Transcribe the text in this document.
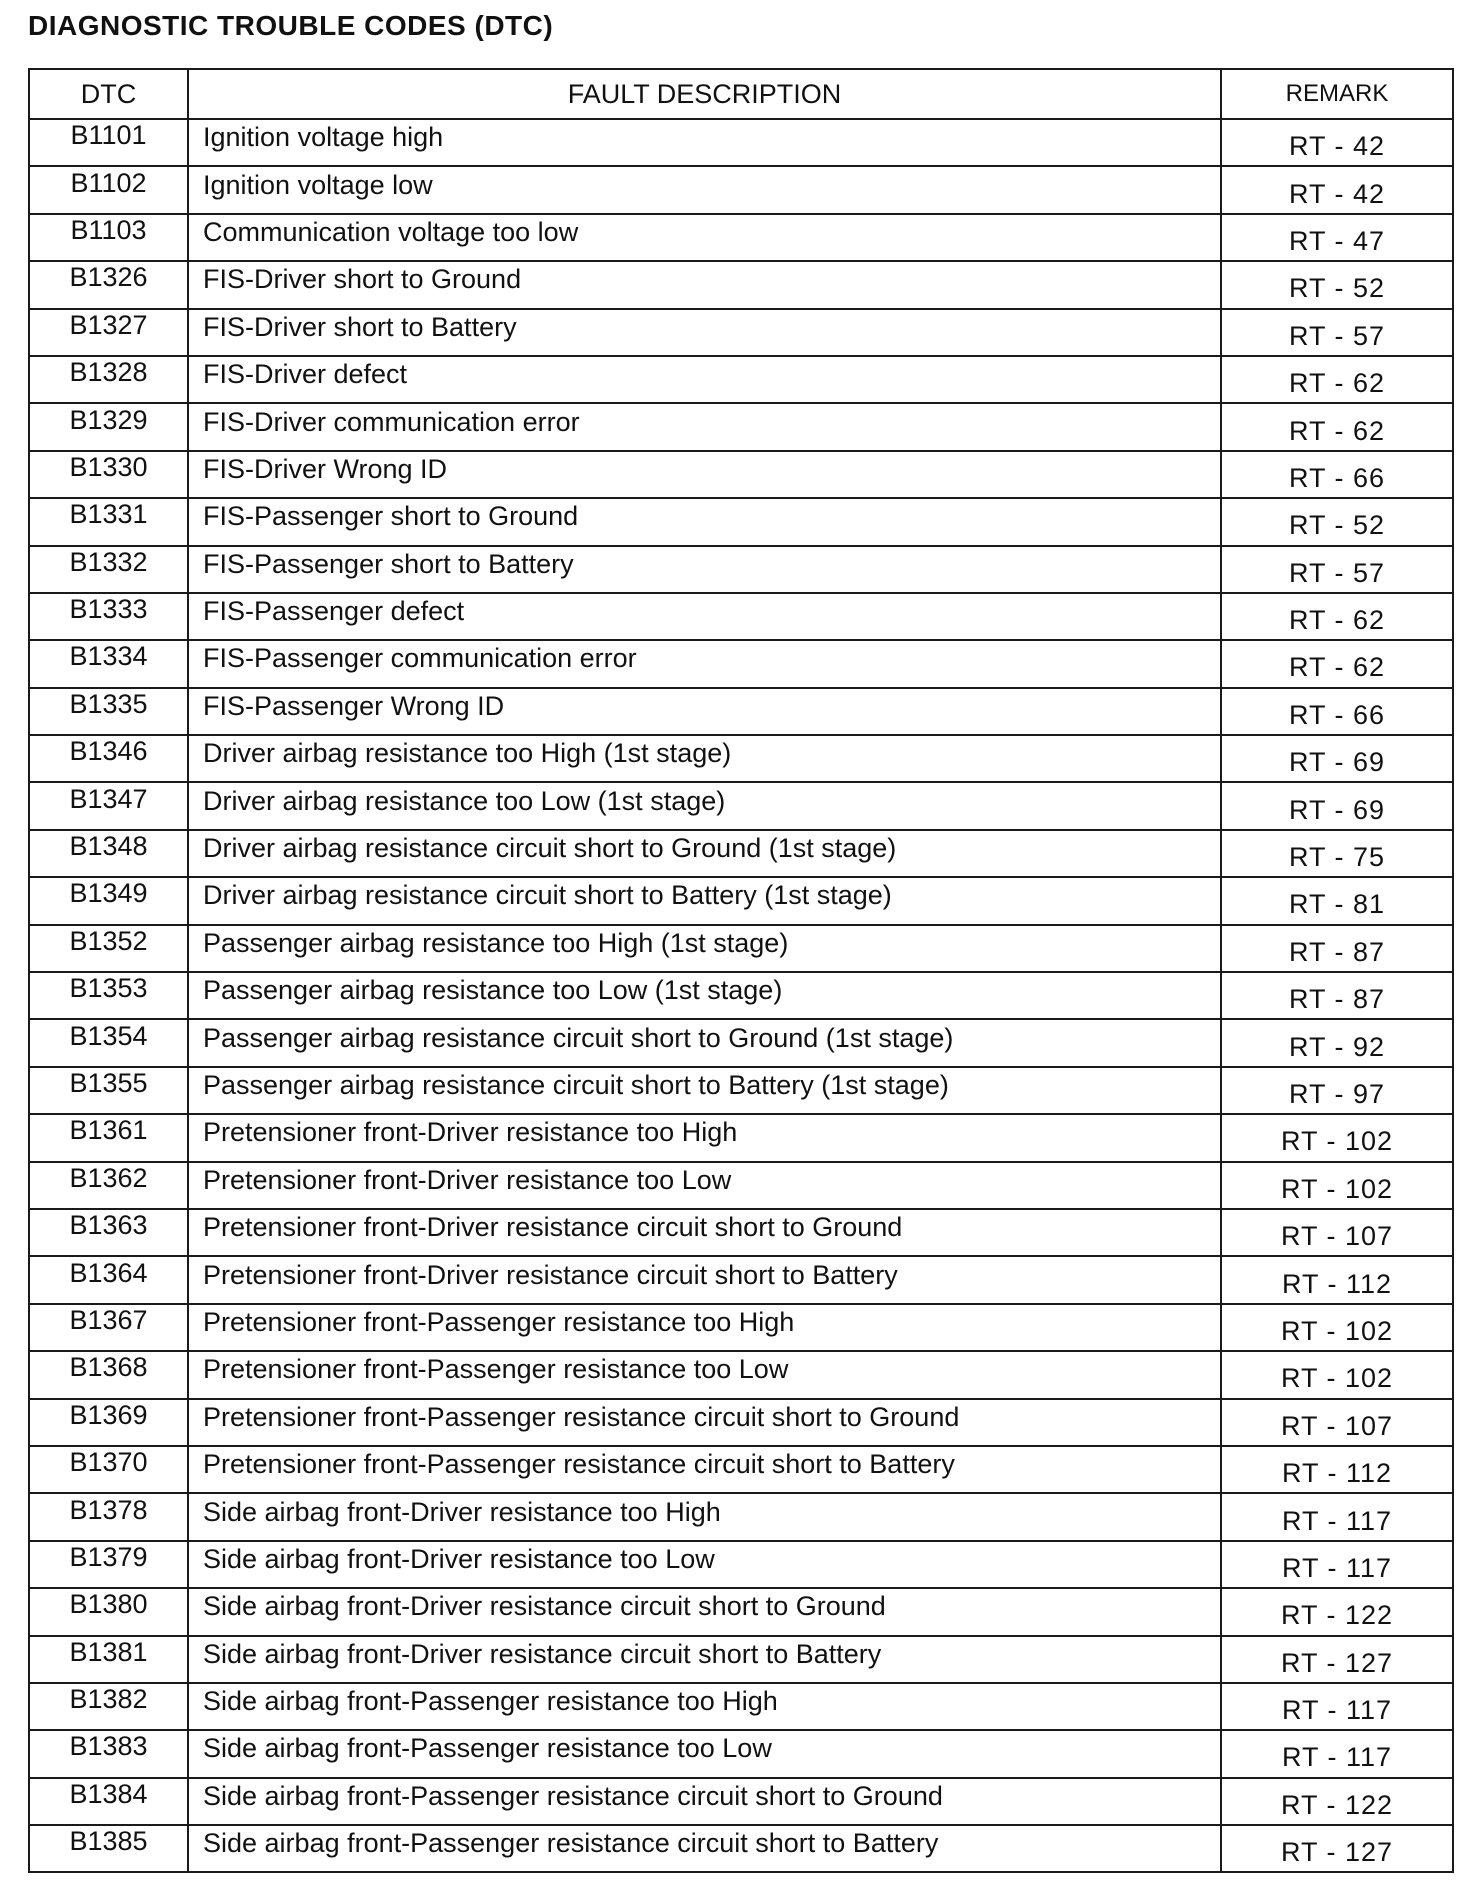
DIAGNOSTIC TROUBLE CODES (DTC)
DTC	FAULT DESCRIPTION	REMARK

B1101	Ignition voltage high	RT - 42

B1102	Ignition voltage low	RT - 42

B1103	Communication voltage too low	RT - 47

B1326	FIS-Driver short to Ground	RT - 52

B1327	FIS-Driver short to Battery	RT - 57

B1328	FIS-Driver defect	RT - 62

B1329	FIS-Driver communication error	RT - 62

B1330	FIS-Driver Wrong ID	RT - 66

B1331	FIS-Passenger short to Ground	RT - 52

B1332	FIS-Passenger short to Battery	RT - 57

B1333	FIS-Passenger defect	RT - 62

B1334	FIS-Passenger communication error	RT - 62

B1335	FIS-Passenger Wrong ID	RT - 66

B1346	Driver airbag resistance too High (1st stage)	RT - 69

B1347	Driver airbag resistance too Low (1st stage)	RT - 69

B1348	Driver airbag resistance circuit short to Ground (1st stage)	RT - 75

B1349	Driver airbag resistance circuit short to Battery (1st stage)	RT - 81

B1352	Passenger airbag resistance too High (1st stage)	RT - 87

B1353	Passenger airbag resistance too Low (1st stage)	RT - 87

B1354	Passenger airbag resistance circuit short to Ground (1st stage)	RT - 92

B1355	Passenger airbag resistance circuit short to Battery (1st stage)	RT - 97

B1361	Pretensioner front-Driver resistance too High	RT - 102

B1362	Pretensioner front-Driver resistance too Low	RT - 102

B1363	Pretensioner front-Driver resistance circuit short to Ground	RT - 107

B1364	Pretensioner front-Driver resistance circuit short to Battery	RT - 112

B1367	Pretensioner front-Passenger resistance too High	RT - 102

B1368	Pretensioner front-Passenger resistance too Low	RT - 102

B1369	Pretensioner front-Passenger resistance circuit short to Ground	RT - 107

B1370	Pretensioner front-Passenger resistance circuit short to Battery	RT - 112

B1378	Side airbag front-Driver resistance too High	RT - 117

B1379	Side airbag front-Driver resistance too Low	RT - 117

B1380	Side airbag front-Driver resistance circuit short to Ground	RT - 122

B1381	Side airbag front-Driver resistance circuit short to Battery	RT - 127

B1382	Side airbag front-Passenger resistance too High	RT - 117

B1383	Side airbag front-Passenger resistance too Low	RT - 117

B1384	Side airbag front-Passenger resistance circuit short to Ground	RT - 122

B1385	Side airbag front-Passenger resistance circuit short to Battery	RT - 127
